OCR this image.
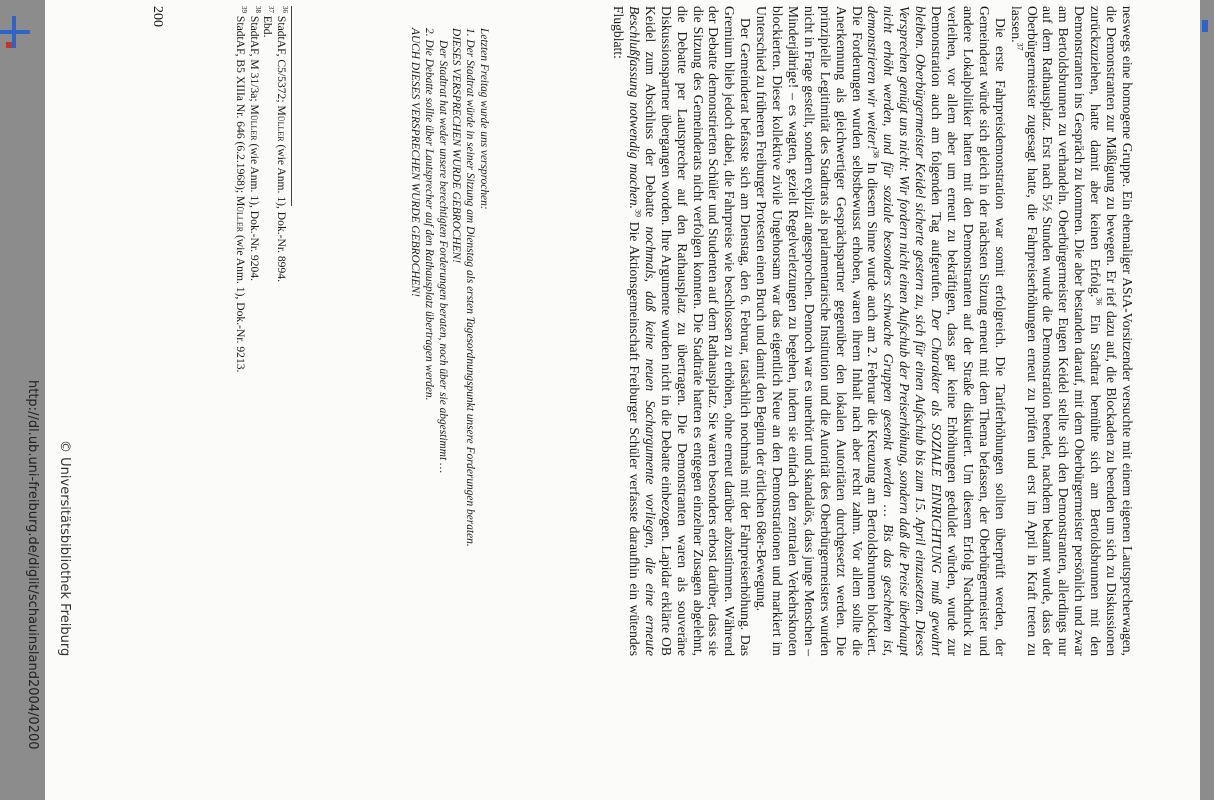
© Universitätsbibliothek Freiburg	neswegs eine homogene Gruppe. Ein ehemaliger AStA-Vorsitzender versuchte mit einem eigenen Lautsprecherwagen, die Demonstranten zur Mäßigung zu bewegen. Er rief dazu auf, die Blockaden zu beenden um sich zu Diskussionen zurückzuziehen, hatte damit aber keinen Erfolg.$^{36}$ Ein Stadtrat bemühte sich am Bertoldsbrunnen mit den Demonstranten ins Gespräch zu kommen. Die aber bestanden darauf, mit dem Oberbürgermeister persönlich und zwar am Bertoldsbrunnen zu verhandeln. Oberbürgermeister Eugen Keidel stellte sich den Demonstranten, allerdings nur auf dem Rathausplatz. Erst nach 5½ Stunden wurde die Demonstration beendet, nachdem bekannt wurde, dass der Oberbürgermeister zugesagt hatte, die Fahrpreiserhöhungen erneut zu prüfen und erst im April in Kraft treten zu lassen.$^{37}$

Die erste Fahrpreisdemonstration war somit erfolgreich. Die Tariferhöhungen sollten überprüft werden, der Gemeinderat würde sich gleich in der nächsten Sitzung erneut mit dem Thema befassen, der Oberbürgermeister und andere Lokalpolitiker hatten mit den Demonstranten auf der Straße diskutiert. Um diesem Erfolg Nachdruck zu verleihen, vor allem aber um erneut zu bekräftigen, dass gar keine Erhöhungen geduldet würden, wurde zur Demonstration auch am folgenden Tag aufgerufen. Der Charakter als SOZIALE EINRICHTUNG muß gewahrt bleiben. Oberbürgermeister Keidel sicherte gestern zu, sich für einen Aufschub bis zum 15. April einzusetzen. Dieses Versprechen genügt uns nicht: Wir fordern nicht einen Aufschub der Preiserhöhung, sondern daß die Preise überhaupt nicht erhöht werden, und für soziale besonders schwache Gruppen gesenkt werden … Bis das geschehen ist, demonstrieren wir weiter!$^{38}$ In diesem Sinne wurde auch am 2. Februar die Kreuzung am Bertoldsbrunnen blockiert. Die Forderungen wurden selbstbewusst erhoben, waren ihrem Inhalt nach aber recht zahm. Vor allem sollte die Anerkennung als gleichwertiger Gesprächspartner gegenüber den lokalen Autoritäten durchgesetzt werden. Die prinzipielle Legitimität des Stadtrats als parlamentarische Institution und die Autorität des Oberbürgermeisters wurden nicht in Frage gestellt, sondern explizit angesprochen. Dennoch war es unerhört und skandalös, dass junge Menschen – Minderjährige! – es wagten, gezielt Regelverletzungen zu begehen, indem sie einfach den zentralen Verkehrsknoten blockierten. Dieser kollektive zivile Ungehorsam war das eigentlich Neue an den Demonstrationen und markiert im Unterschied zu früheren Freiburger Protesten einen Bruch und damit den Beginn der örtlichen 68er-Bewegung.

Der Gemeinderat befasste sich am Dienstag, den 6. Februar, tatsächlich nochmals mit der Fahrpreiserhöhung. Das Gremium blieb jedoch dabei, die Fahrpreise wie beschlossen zu erhöhen, ohne erneut darüber abzustimmen. Während der Debatte demonstrierten Schüler und Studenten auf dem Rathausplatz. Sie waren besonders erbost darüber, dass sie die Sitzung des Gemeinderats nicht verfolgen konnten. Die Stadträte hatten es entgegen einzelner Zusagen abgelehnt, die Debatte per Lautsprecher auf den Rathausplatz zu übertragen. Die Demonstranten waren als souveräne Diskussionspartner übergangen worden. Ihre Argumente wurden nicht in die Debatte einbezogen. Lapidar erklärte OB Keidel zum Abschluss der Debatte nochmals, daß keine neuen Sachargumente vorliegen, die eine erneute Beschlußfassung notwendig machen.$^{39}$ Die Aktionsgemeinschaft Freiburger Schüler verfasste daraufhin ein wütendes Flugblatt:

Letzten Freitag wurde uns versprochen:
1. Der Stadtrat würde in seiner Sitzung am Dienstag als ersten Tagesordnungspunkt unsere Forderungen beraten.
DIESES VERSPRECHEN WURDE GEBROCHEN!
Der Stadtrat hat weder unsere berechtigten Forderungen beraten, noch über sie abgestimmt …
2. Die Debatte sollte über Lautsprecher auf den Rathausplatz übertragen werden.
AUCH DIESES VERSPRECHEN WURDE GEBROCHEN!
$^{36}$ StadtAF, C5/5372; Müller (wie Anm. 1), Dok.-Nr. 8994.
$^{37}$ Ebd.
$^{38}$ StadtAF, M 31/3a; Müller (wie Anm. 1), Dok.-Nr. 9204.
$^{39}$ StadtAF, B5 XIIIa Nr. 646 (6.2.1968); Müller (wie Anm. 1), Dok.-Nr. 9213.
200
http://dl.ub.uni-freiburg.de/diglit/schauinsland2004/0200
